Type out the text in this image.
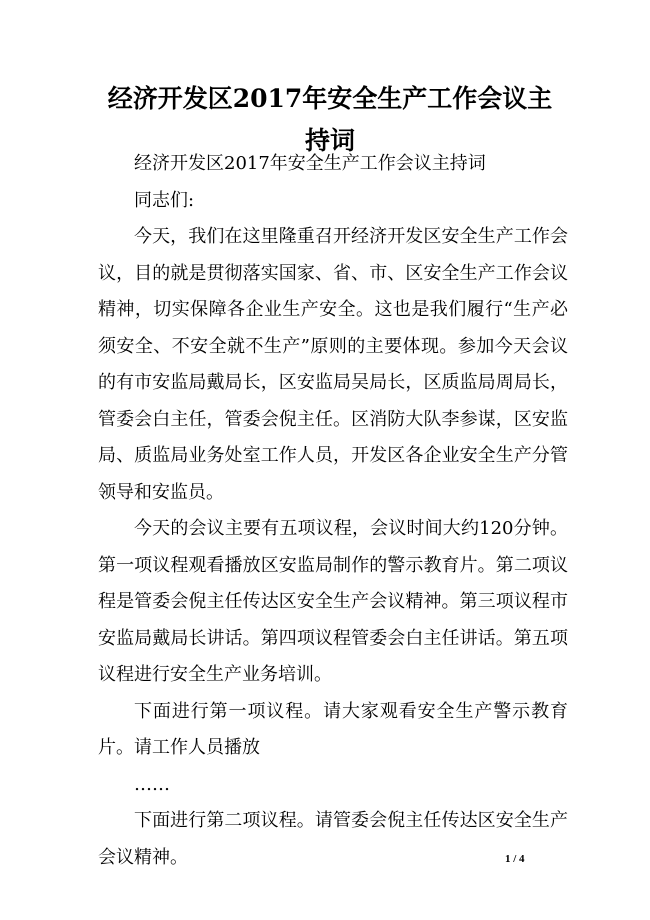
经济开发区2017年安全生产工作会议主持词

经济开发区2017年安全生产工作会议主持词

同志们:

今天，我们在这里隆重召开经济开发区安全生产工作会议，目的就是贯彻落实国家、省、市、区安全生产工作会议精神，切实保障各企业生产安全。这也是我们履行“生产必须安全、不安全就不生产”原则的主要体现。参加今天会议的有市安监局戴局长，区安监局吴局长，区质监局周局长，管委会白主任，管委会倪主任。区消防大队李参谋，区安监局、质监局业务处室工作人员，开发区各企业安全生产分管领导和安监员。

今天的会议主要有五项议程，会议时间大约120分钟。第一项议程观看播放区安监局制作的警示教育片。第二项议程是管委会倪主任传达区安全生产会议精神。第三项议程市安监局戴局长讲话。第四项议程管委会白主任讲话。第五项议程进行安全生产业务培训。

下面进行第一项议程。请大家观看安全生产警示教育片。请工作人员播放

……

下面进行第二项议程。请管委会倪主任传达区安全生产会议精神。	1 / 4
